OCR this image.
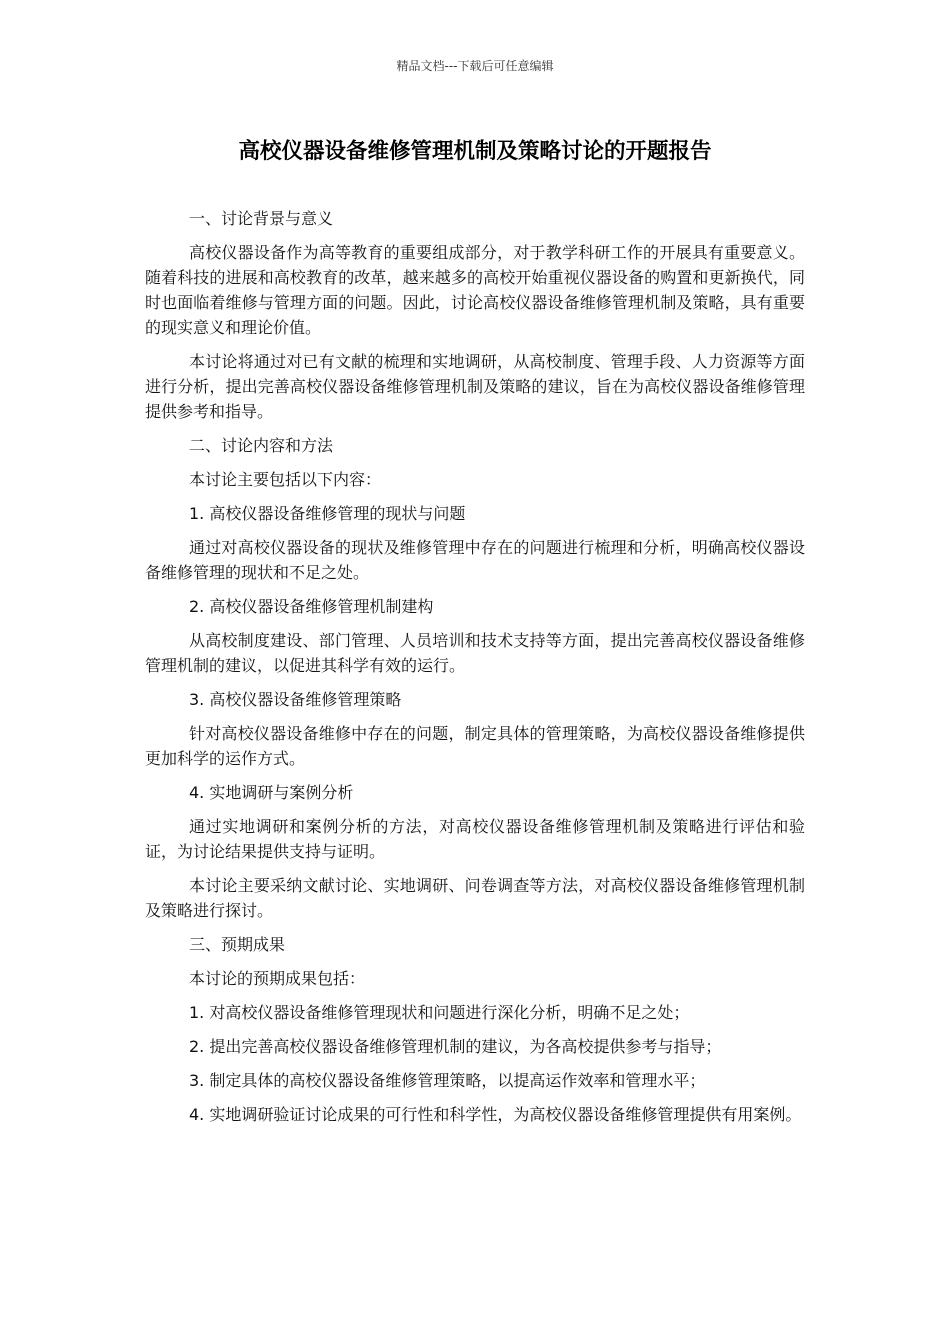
精品文档---下载后可任意编辑
高校仪器设备维修管理机制及策略讨论的开题报告

一、讨论背景与意义

高校仪器设备作为高等教育的重要组成部分，对于教学科研工作的开展具有重要意义。随着科技的进展和高校教育的改革，越来越多的高校开始重视仪器设备的购置和更新换代，同时也面临着维修与管理方面的问题。因此，讨论高校仪器设备维修管理机制及策略，具有重要的现实意义和理论价值。

本讨论将通过对已有文献的梳理和实地调研，从高校制度、管理手段、人力资源等方面进行分析，提出完善高校仪器设备维修管理机制及策略的建议，旨在为高校仪器设备维修管理提供参考和指导。

二、讨论内容和方法

本讨论主要包括以下内容：

1. 高校仪器设备维修管理的现状与问题

通过对高校仪器设备的现状及维修管理中存在的问题进行梳理和分析，明确高校仪器设备维修管理的现状和不足之处。

2. 高校仪器设备维修管理机制建构

从高校制度建设、部门管理、人员培训和技术支持等方面，提出完善高校仪器设备维修管理机制的建议，以促进其科学有效的运行。

3. 高校仪器设备维修管理策略

针对高校仪器设备维修中存在的问题，制定具体的管理策略，为高校仪器设备维修提供更加科学的运作方式。

4. 实地调研与案例分析

通过实地调研和案例分析的方法，对高校仪器设备维修管理机制及策略进行评估和验证，为讨论结果提供支持与证明。

本讨论主要采纳文献讨论、实地调研、问卷调查等方法，对高校仪器设备维修管理机制及策略进行探讨。

三、预期成果

本讨论的预期成果包括：

1. 对高校仪器设备维修管理现状和问题进行深化分析，明确不足之处；

2. 提出完善高校仪器设备维修管理机制的建议，为各高校提供参考与指导；

3. 制定具体的高校仪器设备维修管理策略，以提高运作效率和管理水平；

4. 实地调研验证讨论成果的可行性和科学性，为高校仪器设备维修管理提供有用案例。
